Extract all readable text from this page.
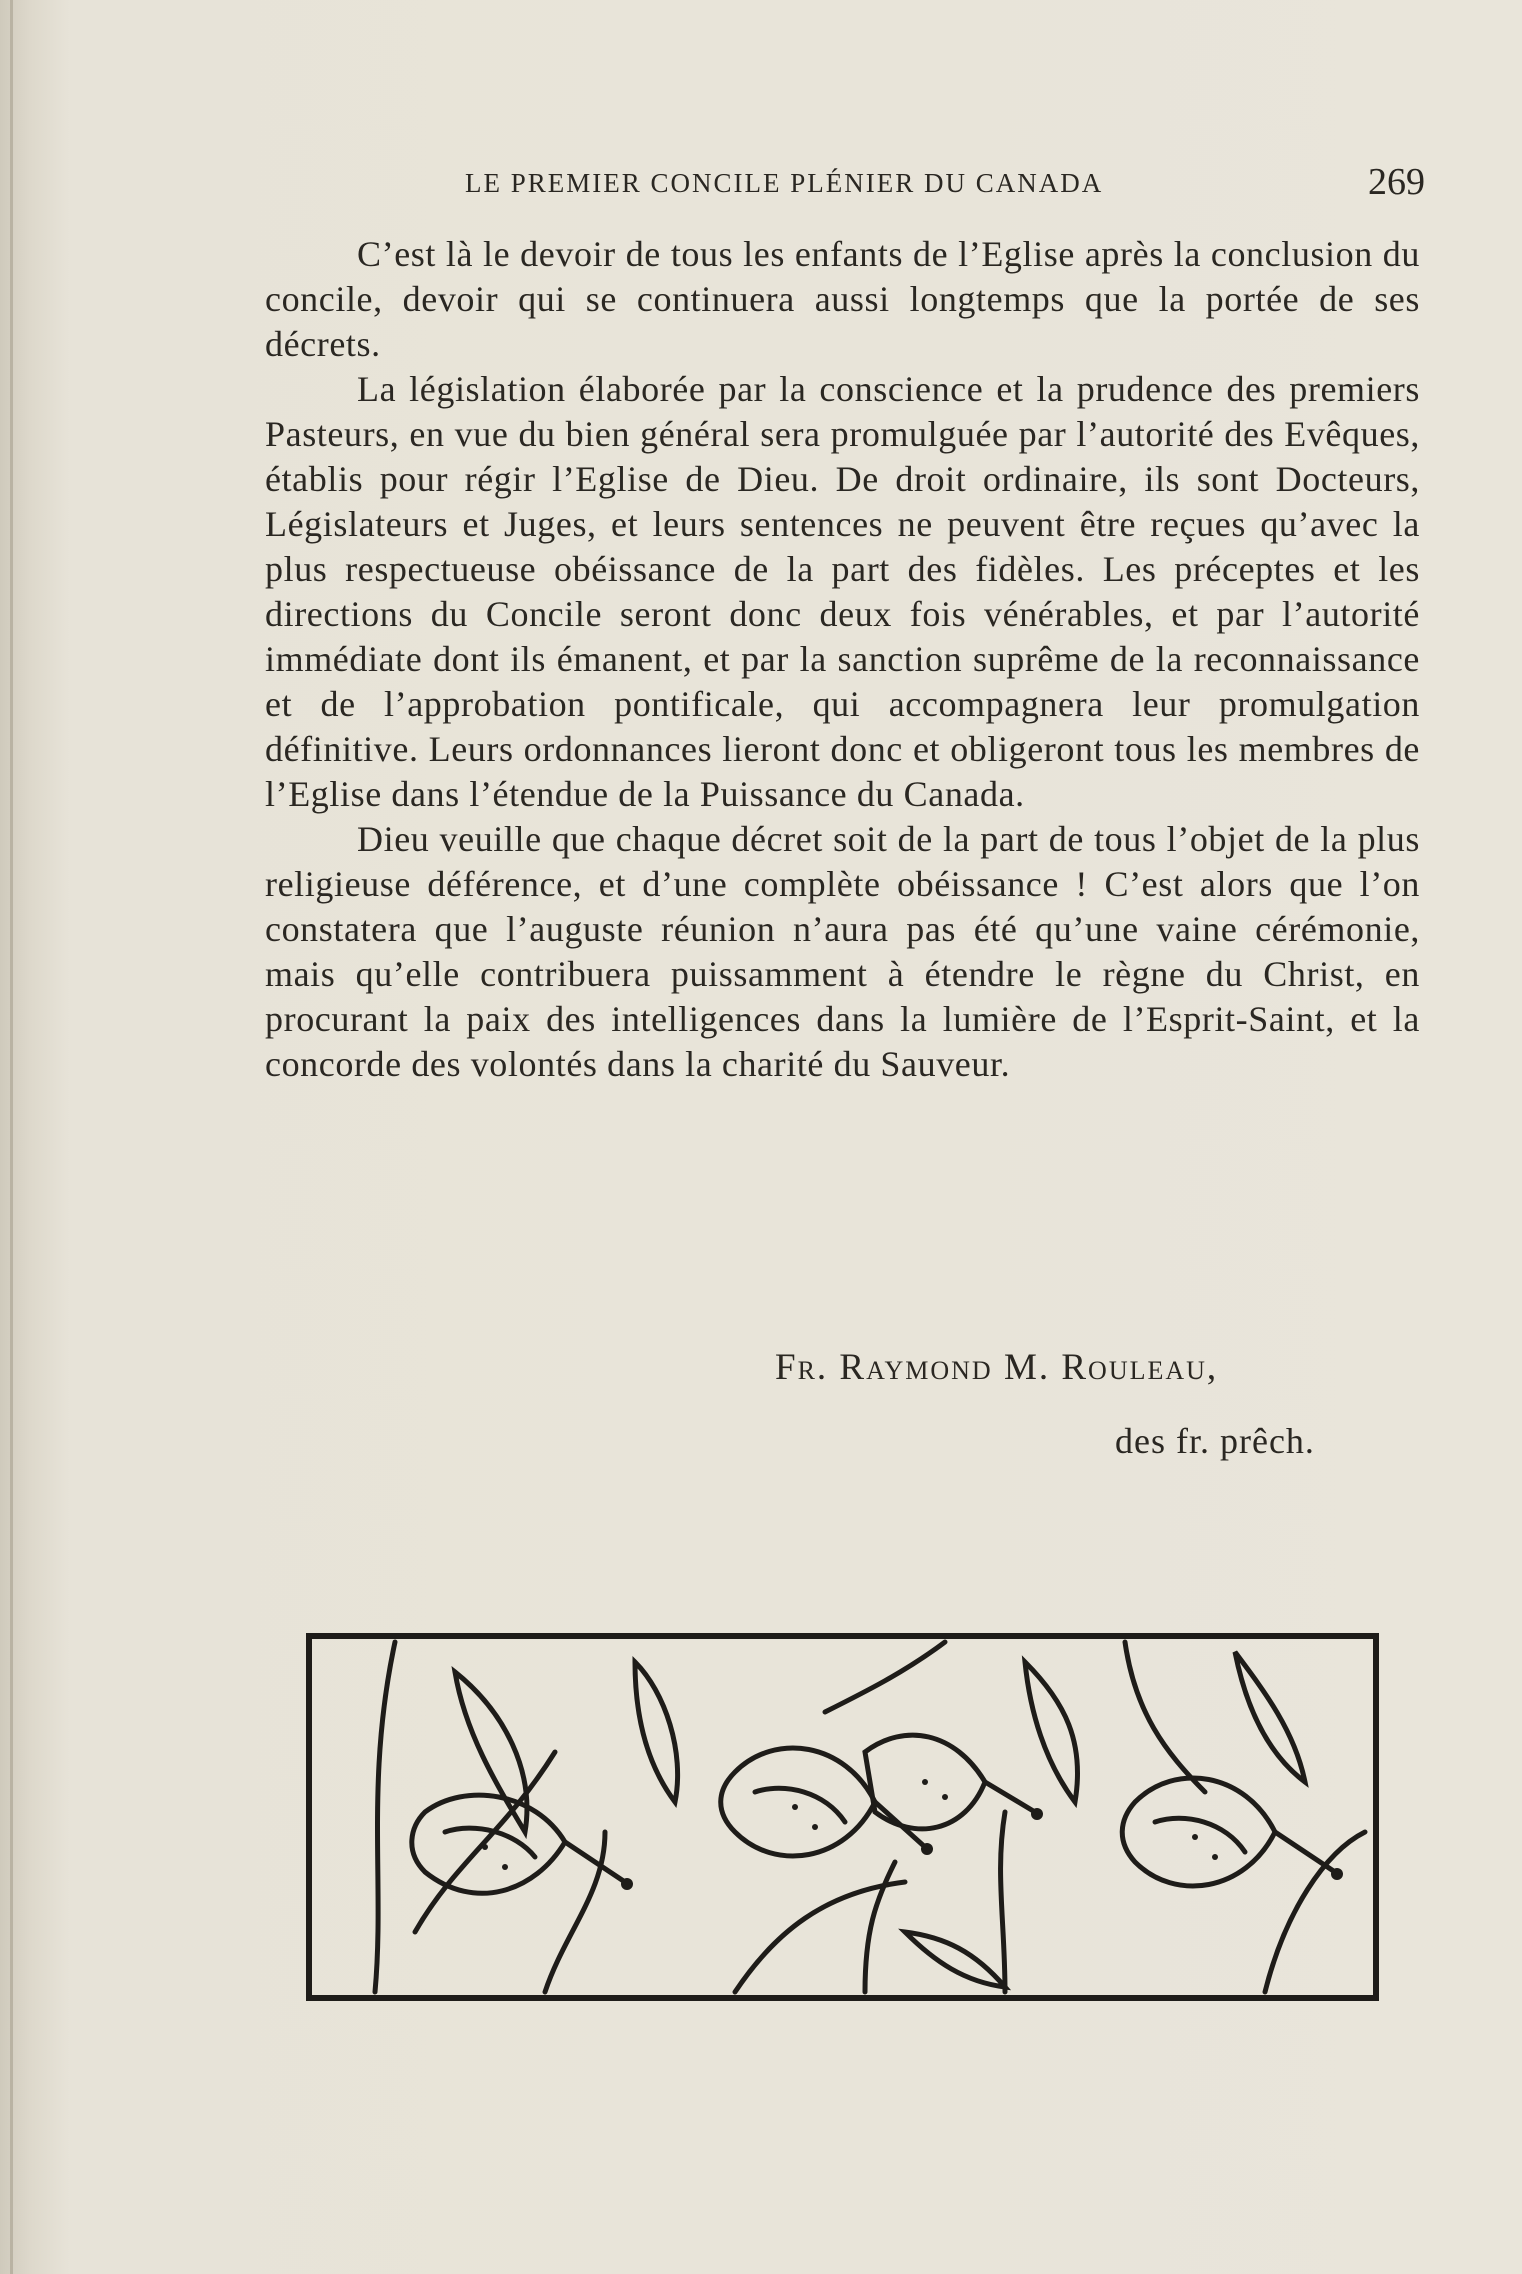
LE PREMIER CONCILE PLÉNIER DU CANADA	269

C’est là le devoir de tous les enfants de l’Eglise après la conclusion du concile, devoir qui se continuera aussi longtemps que la portée de ses décrets.

La législation élaborée par la conscience et la prudence des premiers Pasteurs, en vue du bien général sera promulguée par l’autorité des Evêques, établis pour régir l’Eglise de Dieu. De droit ordinaire, ils sont Docteurs, Législateurs et Juges, et leurs sentences ne peuvent être reçues qu’avec la plus respectueuse obéissance de la part des fidèles. Les préceptes et les directions du Concile seront donc deux fois vénérables, et par l’autorité immédiate dont ils émanent, et par la sanction suprême de la reconnaissance et de l’approbation pontificale, qui accompagnera leur promulgation définitive. Leurs ordonnances lieront donc et obligeront tous les membres de l’Eglise dans l’étendue de la Puissance du Canada.

Dieu veuille que chaque décret soit de la part de tous l’objet de la plus religieuse déférence, et d’une complète obéissance ! C’est alors que l’on constatera que l’auguste réunion n’aura pas été qu’une vaine cérémonie, mais qu’elle contribuera puissamment à étendre le règne du Christ, en procurant la paix des intelligences dans la lumière de l’Esprit-Saint, et la concorde des volontés dans la charité du Sauveur.

Fr. Raymond M. Rouleau,
des fr. prêch.
